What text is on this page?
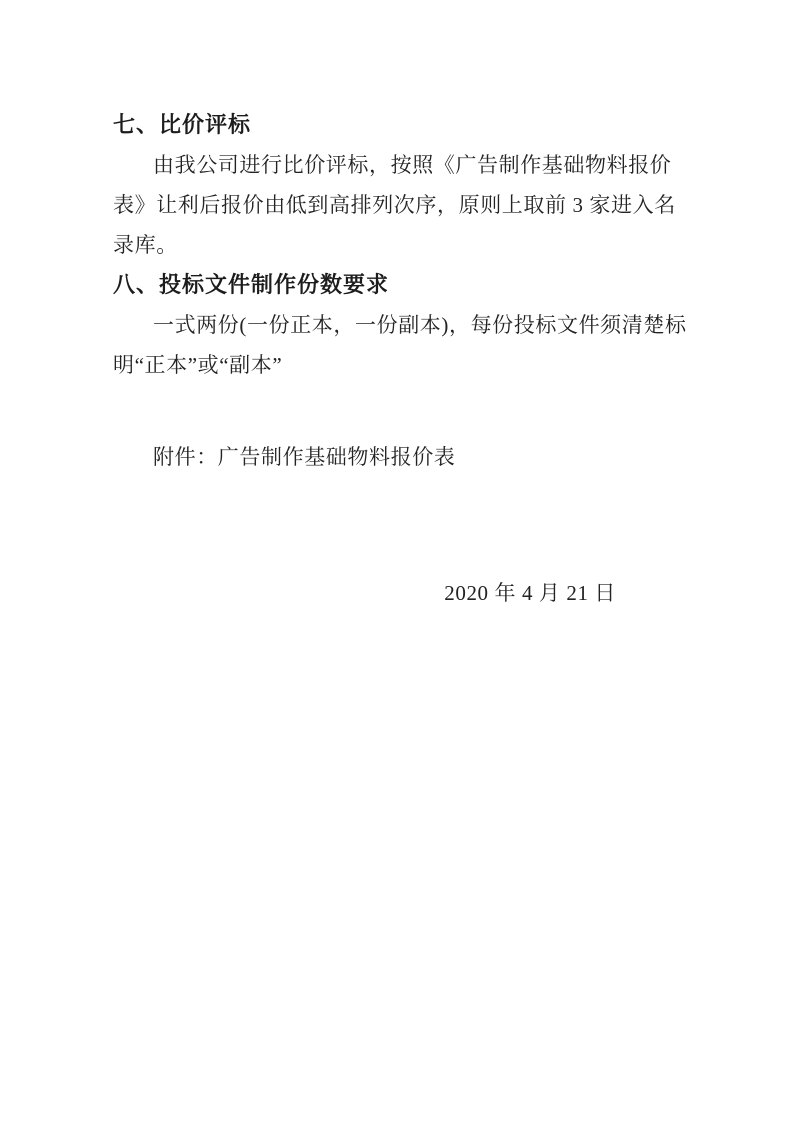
七、比价评标
由我公司进行比价评标，按照《广告制作基础物料报价
表》让利后报价由低到高排列次序，原则上取前 3 家进入名
录库。
八、投标文件制作份数要求
一式两份(一份正本，一份副本)，每份投标文件须清楚标
明“正本”或“副本”
附件：广告制作基础物料报价表
2020 年 4 月 21 日
